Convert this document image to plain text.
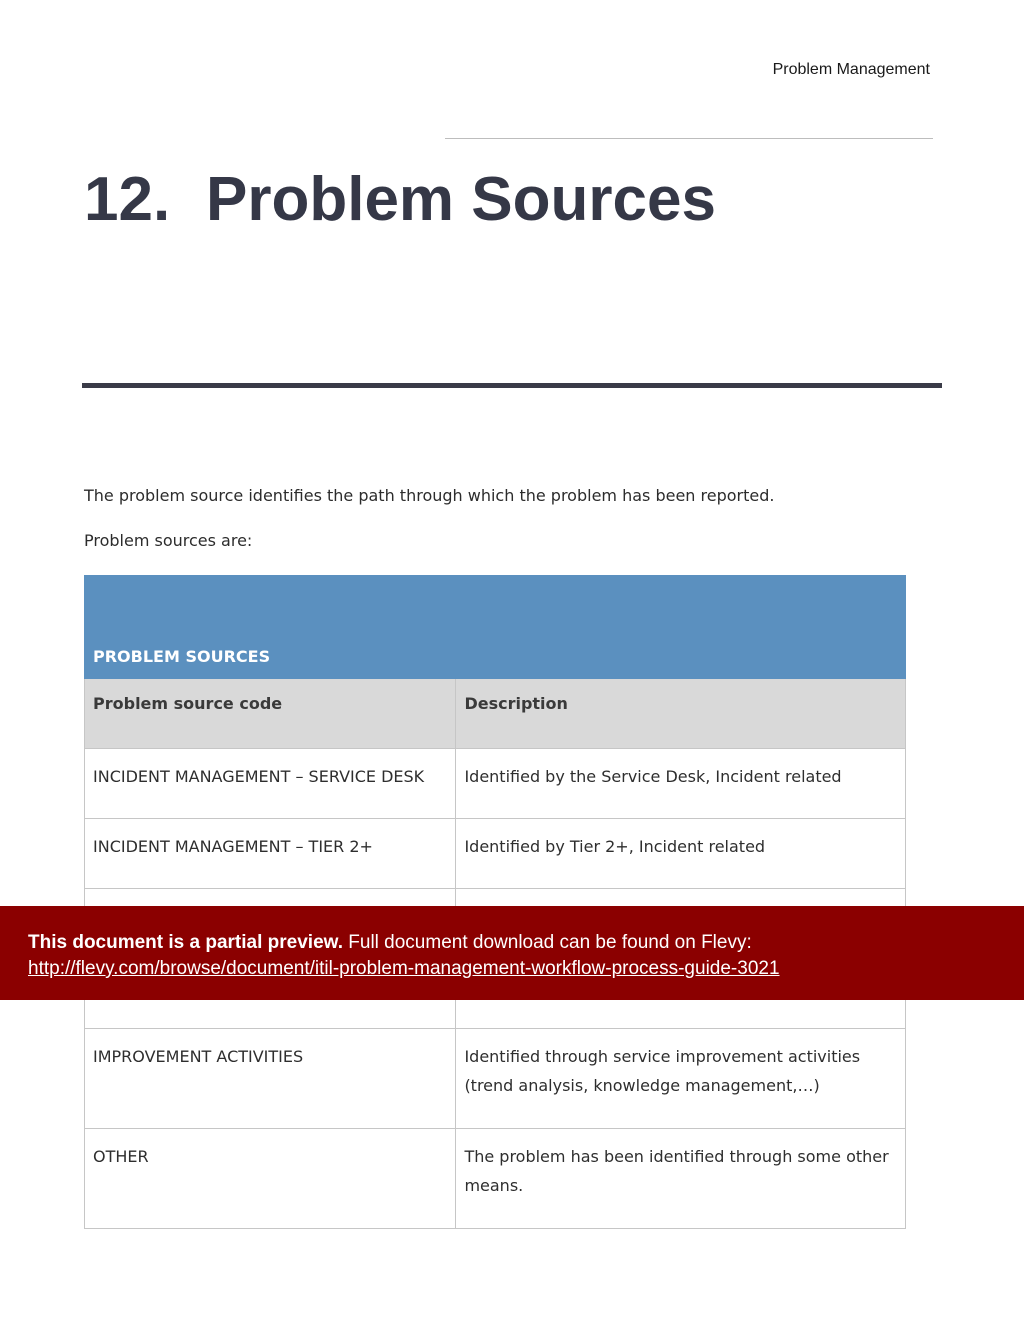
Problem Management
12. Problem Sources

The problem source identifies the path through which the problem has been reported.

Problem sources are:

PROBLEM SOURCES	
Problem source code	Description
INCIDENT MANAGEMENT – SERVICE DESK	Identified by the Service Desk, Incident related
INCIDENT MANAGEMENT – TIER 2+	Identified by Tier 2+, Incident related

IMPROVEMENT ACTIVITIES	Identified through service improvement activities (trend analysis, knowledge management,…)
OTHER	The problem has been identified through some other means.
This document is a partial preview. Full document download can be found on Flevy:
http://flevy.com/browse/document/itil-problem-management-workflow-process-guide-3021
